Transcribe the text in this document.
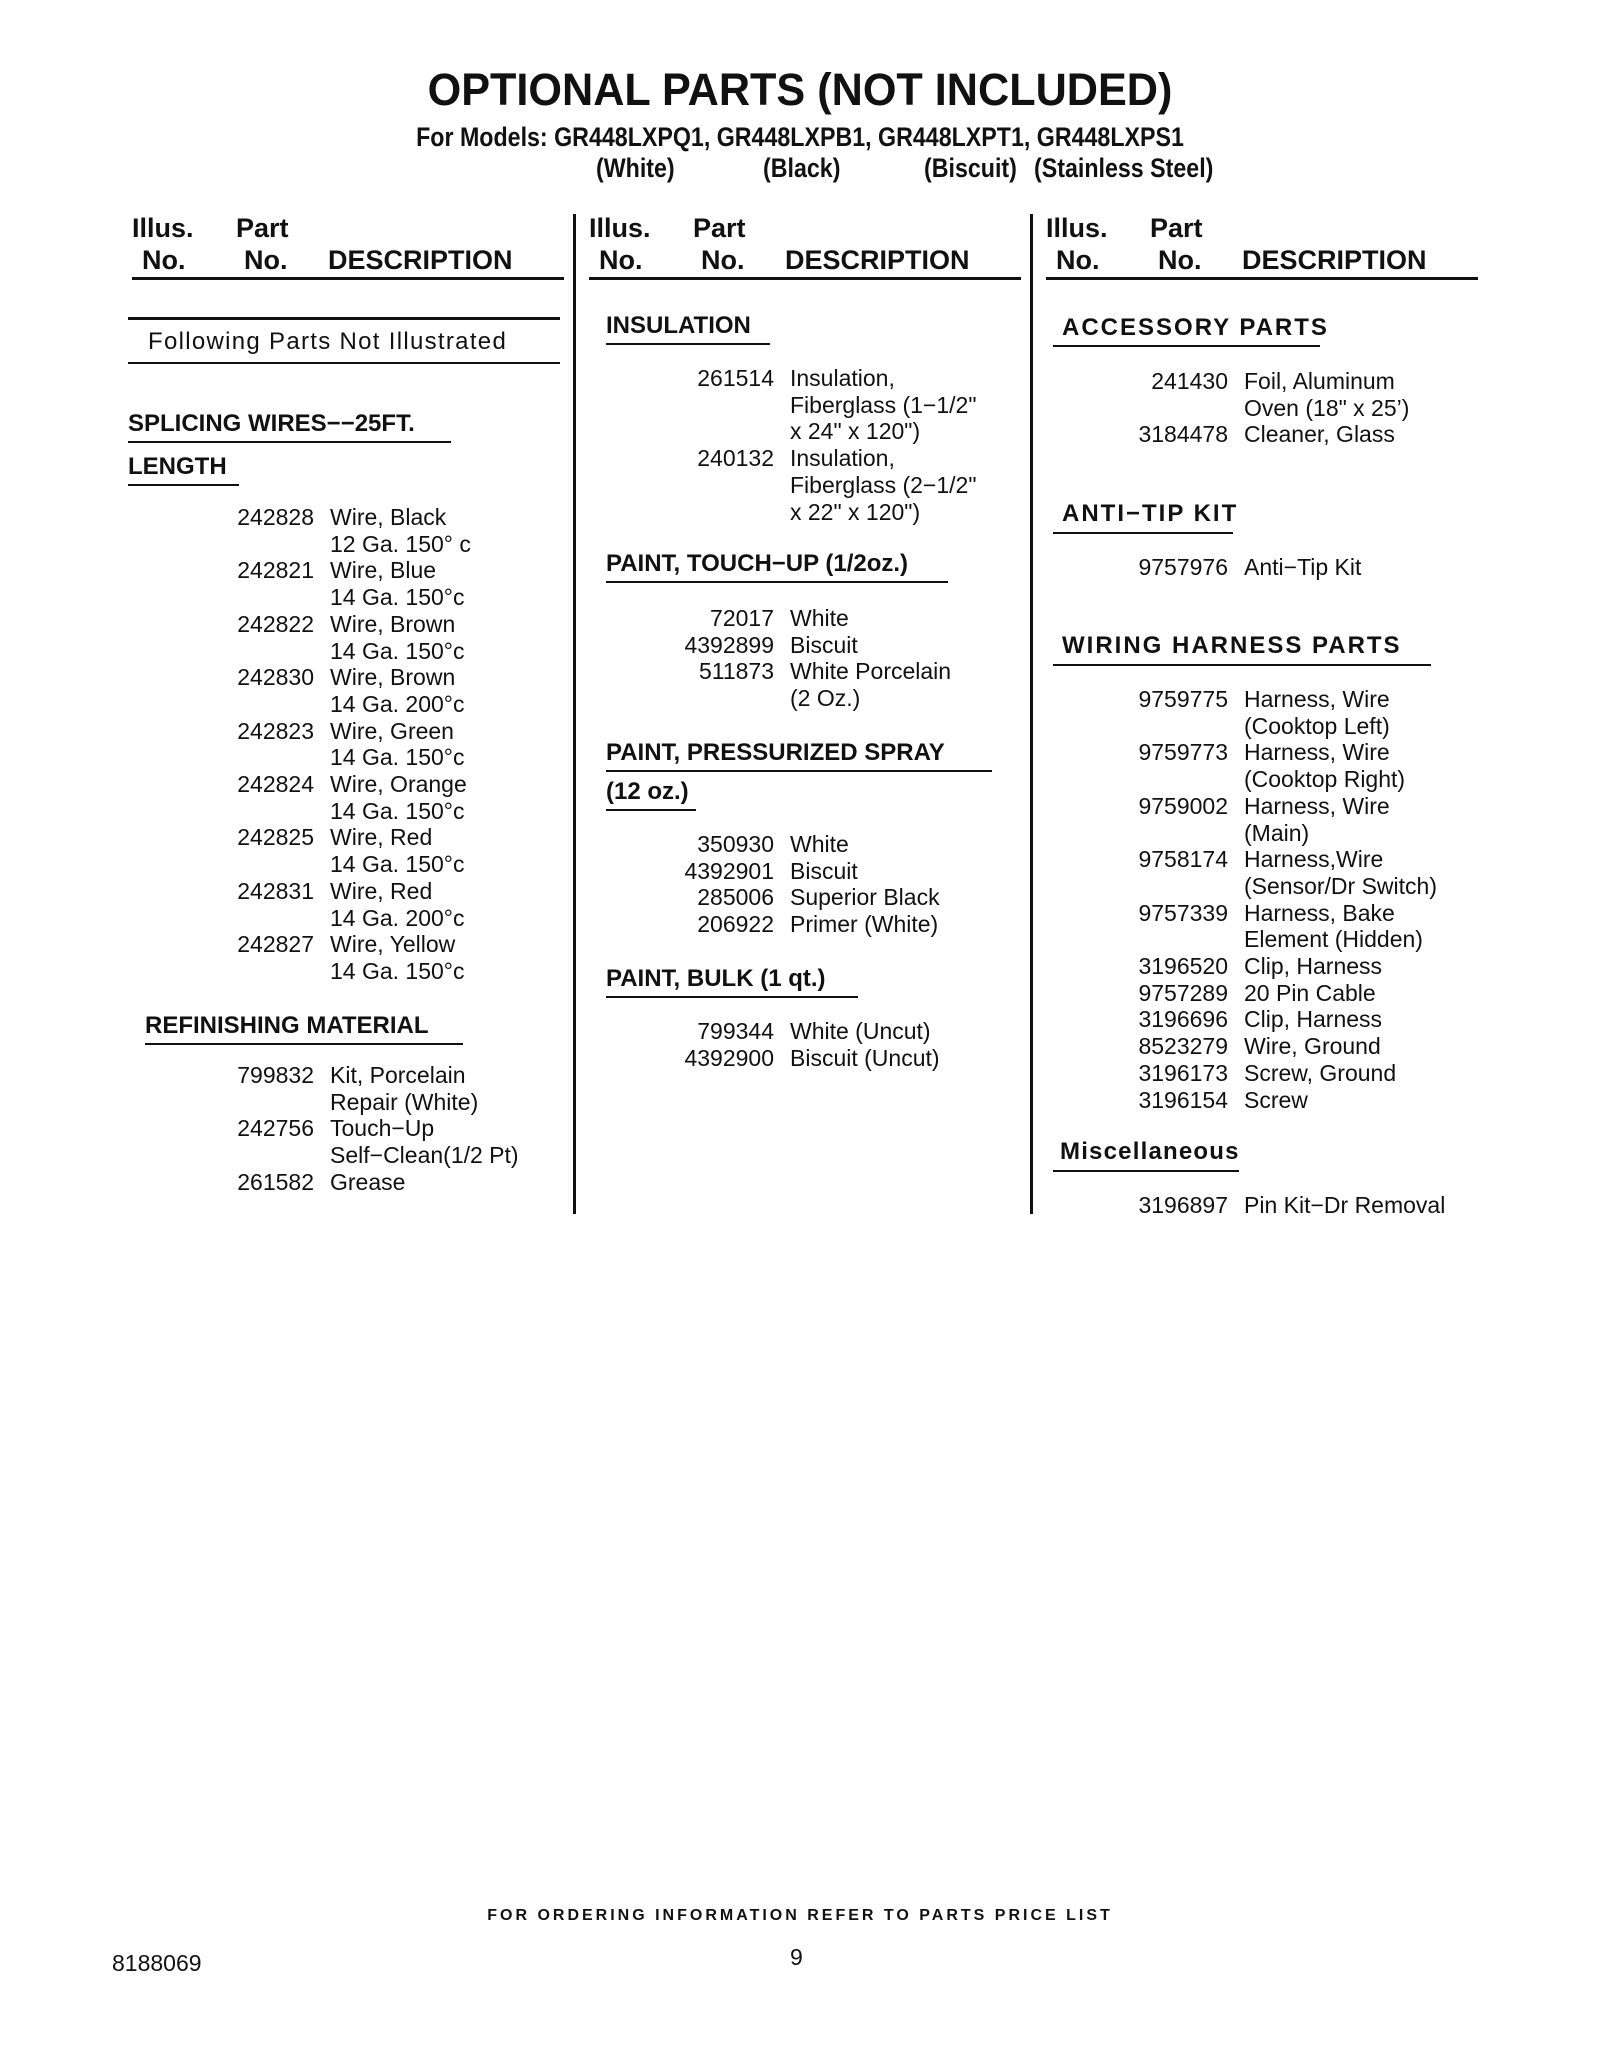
OPTIONAL PARTS (NOT INCLUDED)
For Models: GR448LXPQ1, GR448LXPB1, GR448LXPT1, GR448LXPS1
(White)	(Black)	(Biscuit) (Stainless Steel)
Illus.
No.
Part
No. DESCRIPTION
Illus.
No.
Part
No. DESCRIPTION
Illus.
No.
Part
No. DESCRIPTION
Following Parts Not Illustrated
SPLICING WIRES−−25FT.
LENGTH
242828 Wire, Black
12 Ga. 150° c
242821 Wire, Blue
14 Ga. 150°c
242822 Wire, Brown
14 Ga. 150°c
242830 Wire, Brown
14 Ga. 200°c
242823 Wire, Green
14 Ga. 150°c
242824 Wire, Orange
14 Ga. 150°c
242825 Wire, Red
14 Ga. 150°c
242831 Wire, Red
14 Ga. 200°c
242827 Wire, Yellow
14 Ga. 150°c
REFINISHING MATERIAL
799832 Kit, Porcelain
Repair (White)
242756 Touch−Up
Self−Clean(1/2 Pt)
261582 Grease
INSULATION
261514 Insulation,
Fiberglass (1−1/2"
x 24" x 120")
240132 Insulation,
Fiberglass (2−1/2"
x 22" x 120")
PAINT, TOUCH−UP (1/2oz.)
72017 White
4392899 Biscuit
511873 White Porcelain
(2 Oz.)
PAINT, PRESSURIZED SPRAY
(12 oz.)
350930 White
4392901 Biscuit
285006 Superior Black
206922 Primer (White)
PAINT, BULK (1 qt.)
799344 White (Uncut)
4392900 Biscuit (Uncut)
ACCESSORY PARTS
241430 Foil, Aluminum
Oven (18" x 25’)
3184478 Cleaner, Glass
ANTI−TIP KIT
9757976 Anti−Tip Kit
WIRING HARNESS PARTS
9759775 Harness, Wire
(Cooktop Left)
9759773 Harness, Wire
(Cooktop Right)
9759002 Harness, Wire
(Main)
9758174 Harness,Wire
(Sensor/Dr Switch)
9757339 Harness, Bake
Element (Hidden)
3196520 Clip, Harness
9757289 20 Pin Cable
3196696 Clip, Harness
8523279 Wire, Ground
3196173 Screw, Ground
3196154 Screw
Miscellaneous
3196897 Pin Kit−Dr Removal
FOR ORDERING INFORMATION REFER TO PARTS PRICE LIST
8188069	9
